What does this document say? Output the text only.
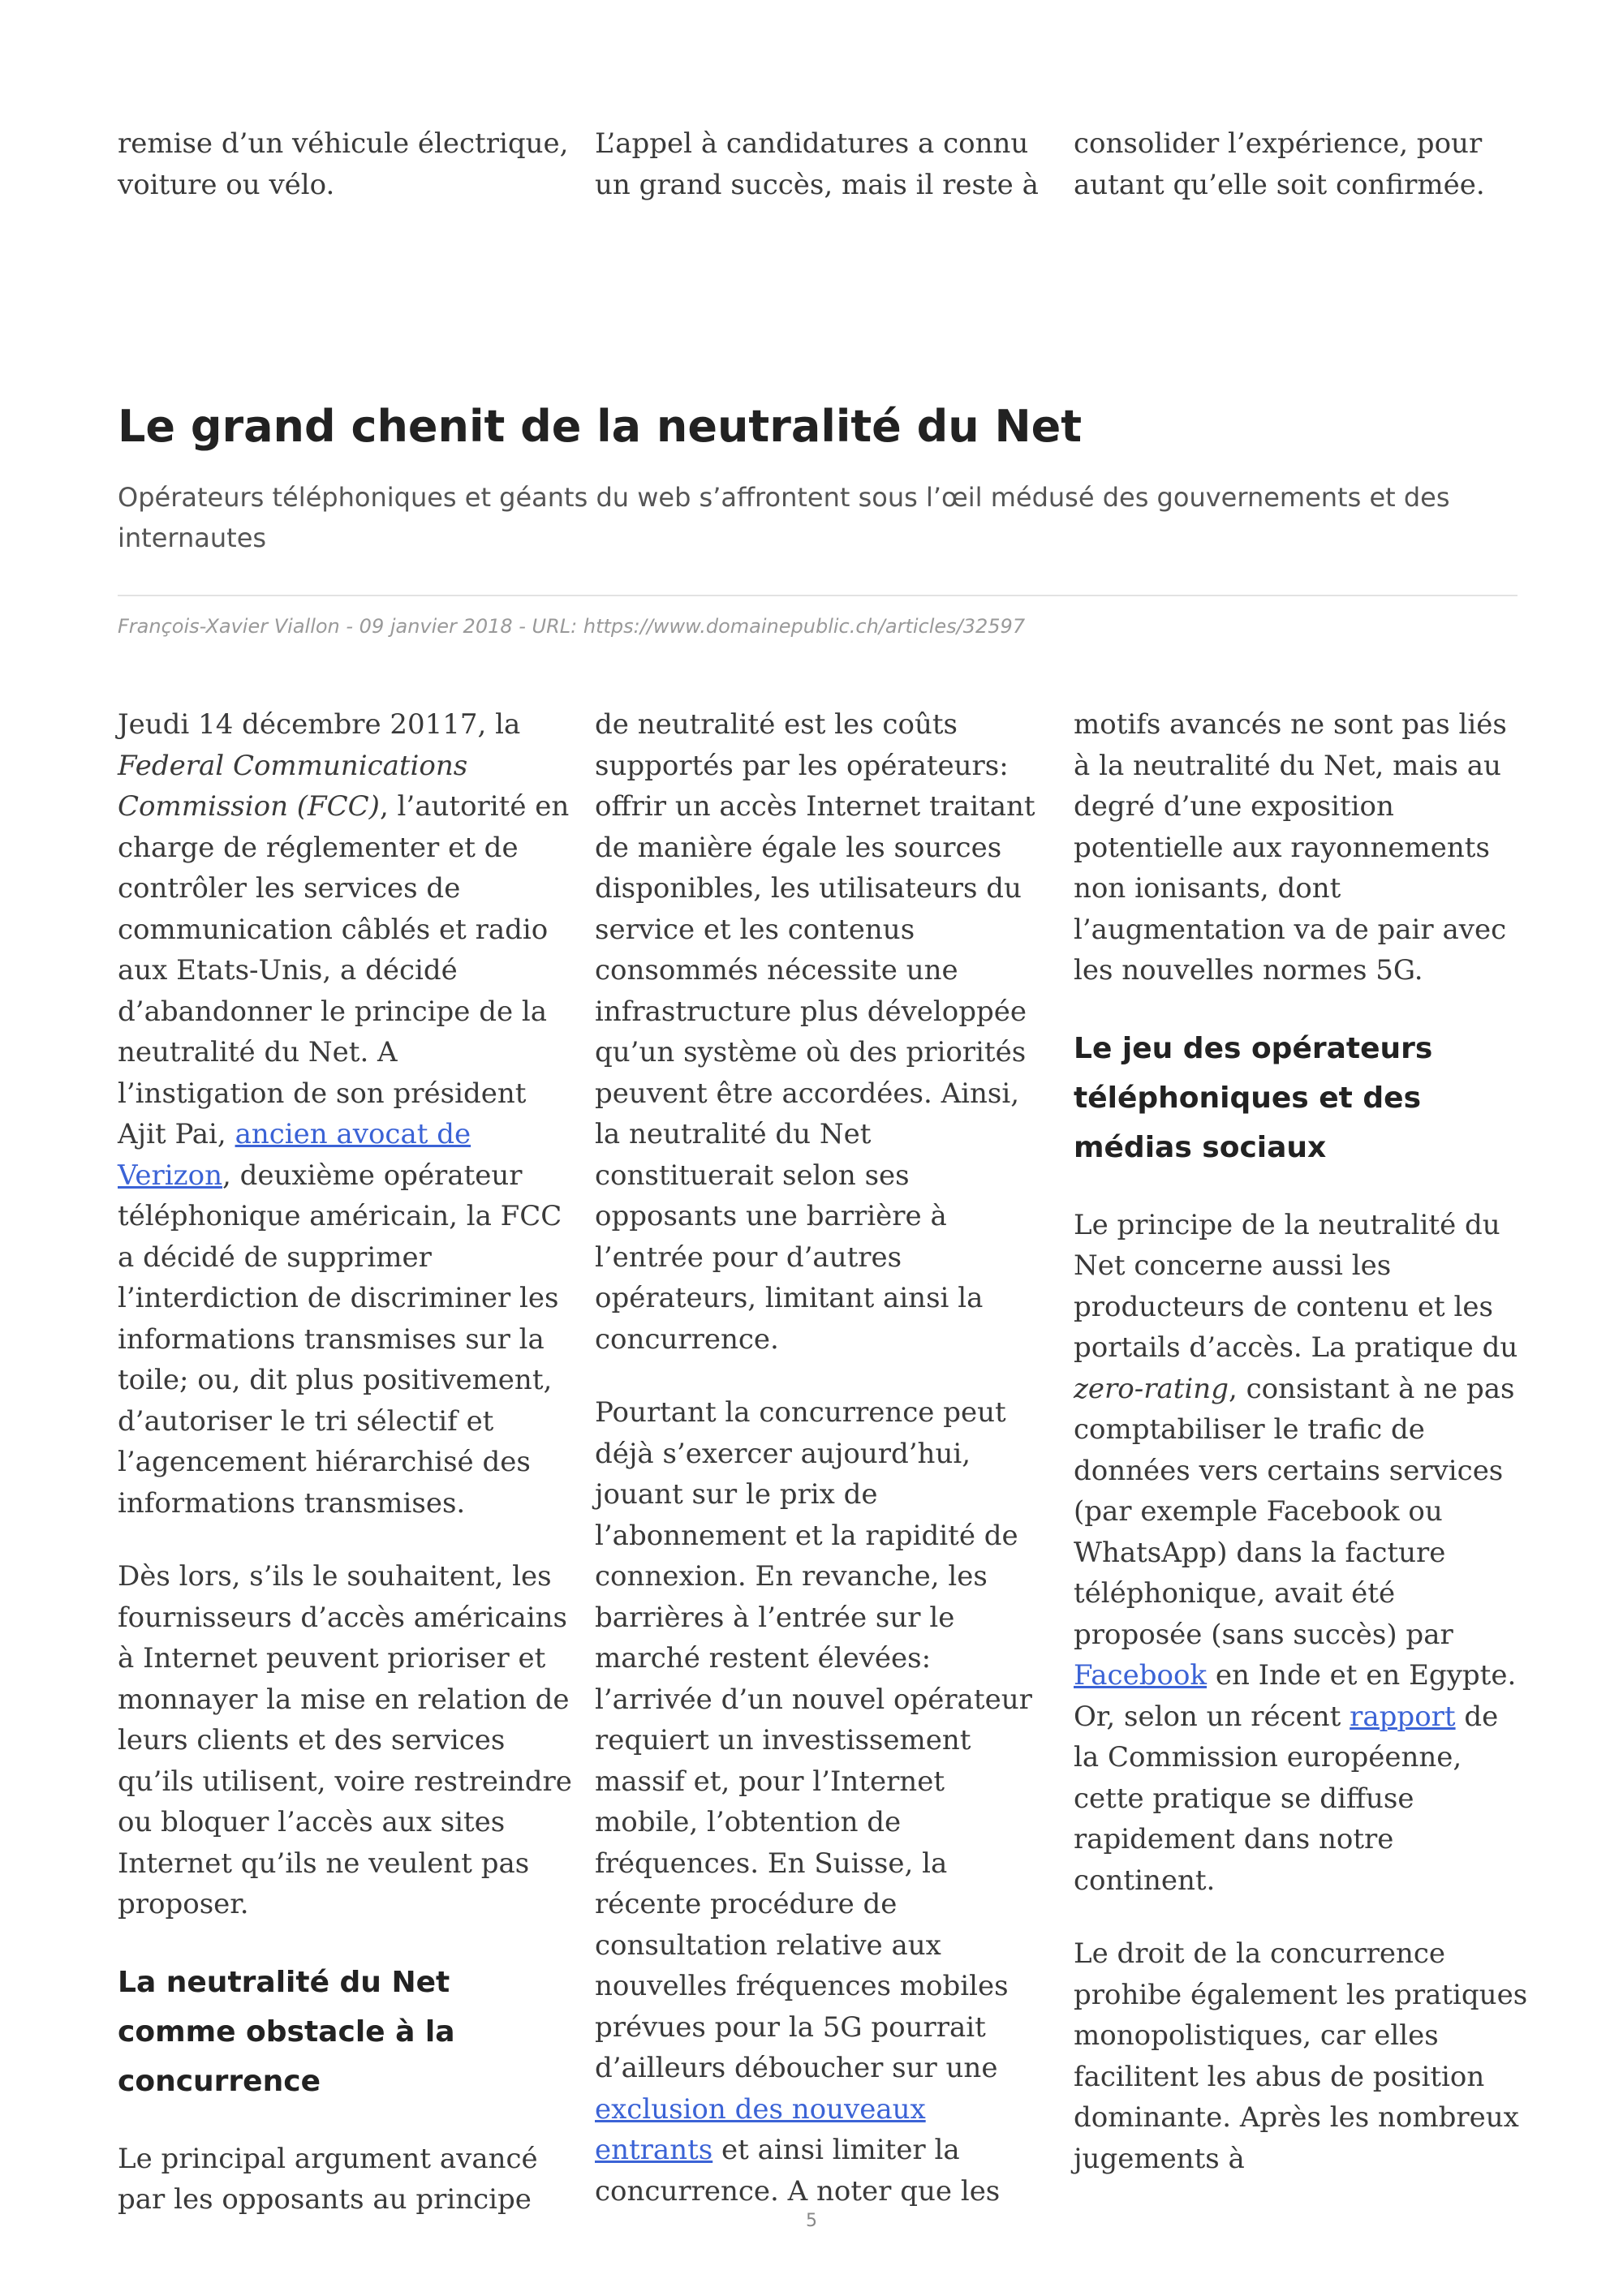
remise d’un véhicule électrique, voiture ou vélo.

L’appel à candidatures a connu un grand succès, mais il reste à

consolider l’expérience, pour autant qu’elle soit confirmée.

Le grand chenit de la neutralité du Net

Opérateurs téléphoniques et géants du web s’affrontent sous l’œil médusé des gouvernements et des internautes

François-Xavier Viallon - 09 janvier 2018 - URL: https://www.domainepublic.ch/articles/32597

Jeudi 14 décembre 20117, la Federal Communications Commission (FCC), l’autorité en charge de réglementer et de contrôler les services de communication câblés et radio aux Etats-Unis, a décidé d’abandonner le principe de la neutralité du Net. A l’instigation de son président Ajit Pai, ancien avocat de Verizon, deuxième opérateur téléphonique américain, la FCC a décidé de supprimer l’interdiction de discriminer les informations transmises sur la toile; ou, dit plus positivement, d’autoriser le tri sélectif et l’agencement hiérarchisé des informations transmises.

Dès lors, s’ils le souhaitent, les fournisseurs d’accès américains à Internet peuvent prioriser et monnayer la mise en relation de leurs clients et des services qu’ils utilisent, voire restreindre ou bloquer l’accès aux sites Internet qu’ils ne veulent pas proposer.

La neutralité du Net comme obstacle à la concurrence

Le principal argument avancé par les opposants au principe

de neutralité est les coûts supportés par les opérateurs: offrir un accès Internet traitant de manière égale les sources disponibles, les utilisateurs du service et les contenus consommés nécessite une infrastructure plus développée qu’un système où des priorités peuvent être accordées. Ainsi, la neutralité du Net constituerait selon ses opposants une barrière à l’entrée pour d’autres opérateurs, limitant ainsi la concurrence.

Pourtant la concurrence peut déjà s’exercer aujourd’hui, jouant sur le prix de l’abonnement et la rapidité de connexion. En revanche, les barrières à l’entrée sur le marché restent élevées: l’arrivée d’un nouvel opérateur requiert un investissement massif et, pour l’Internet mobile, l’obtention de fréquences. En Suisse, la récente procédure de consultation relative aux nouvelles fréquences mobiles prévues pour la 5G pourrait d’ailleurs déboucher sur une exclusion des nouveaux entrants et ainsi limiter la concurrence. A noter que les

motifs avancés ne sont pas liés à la neutralité du Net, mais au degré d’une exposition potentielle aux rayonnements non ionisants, dont l’augmentation va de pair avec les nouvelles normes 5G.

Le jeu des opérateurs téléphoniques et des médias sociaux

Le principe de la neutralité du Net concerne aussi les producteurs de contenu et les portails d’accès. La pratique du zero-rating, consistant à ne pas comptabiliser le trafic de données vers certains services (par exemple Facebook ou WhatsApp) dans la facture téléphonique, avait été proposée (sans succès) par Facebook en Inde et en Egypte. Or, selon un récent rapport de la Commission européenne, cette pratique se diffuse rapidement dans notre continent.

Le droit de la concurrence prohibe également les pratiques monopolistiques, car elles facilitent les abus de position dominante. Après les nombreux jugements à

5
